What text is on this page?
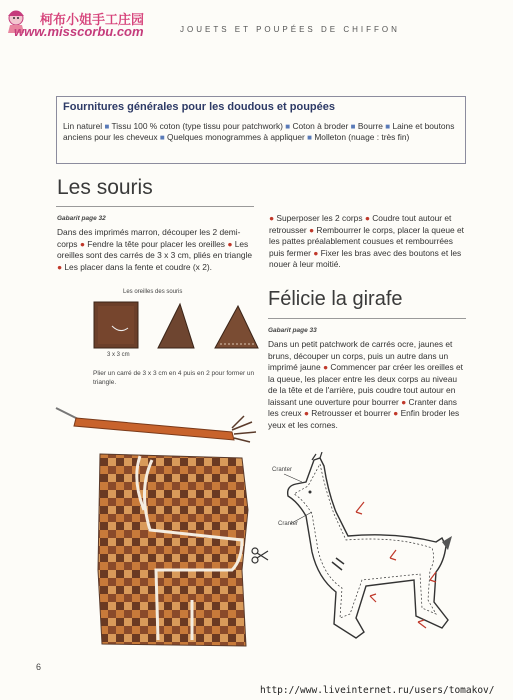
柯布小姐手工庄园
www.misscorbu.com	JOUETS ET POUPÉES DE CHIFFON
Fournitures générales pour les doudous et poupées
Lin naturel ■ Tissu 100 % coton (type tissu pour patchwork) ■ Coton à broder ■ Bourre ■ Laine et boutons anciens pour les cheveux ■ Quelques monogrammes à appliquer ■ Molleton (nuage : très fin)
Les souris
Gabarit page 32
Dans des imprimés marron, découper les 2 demi-corps ● Fendre la tête pour placer les oreilles ● Les oreilles sont des carrés de 3 x 3 cm, pliés en triangle ● Les placer dans la fente et coudre (x 2).
● Superposer les 2 corps ● Coudre tout autour et retrousser ● Rembourrer le corps, placer la queue et les pattes préalablement cousues et rembourrées puis fermer ● Fixer les bras avec des boutons et les nouer à leur moitié.
Les oreilles des souris
3 x 3 cm
Plier un carré de 3 x 3 cm en 4 puis en 2 pour former un triangle.
Félicie la girafe
Gabarit page 33
Dans un petit patchwork de carrés ocre, jaunes et bruns, découper un corps, puis un autre dans un imprimé jaune ● Commencer par créer les oreilles et la queue, les placer entre les deux corps au niveau de la tête et de l'arrière, puis coudre tout autour en laissant une ouverture pour bourrer ● Cranter dans les creux ● Retrousser et bourrer ● Enfin broder les yeux et les cornes.
Cranter
Cranter
6
http://www.liveinternet.ru/users/tomakov/
